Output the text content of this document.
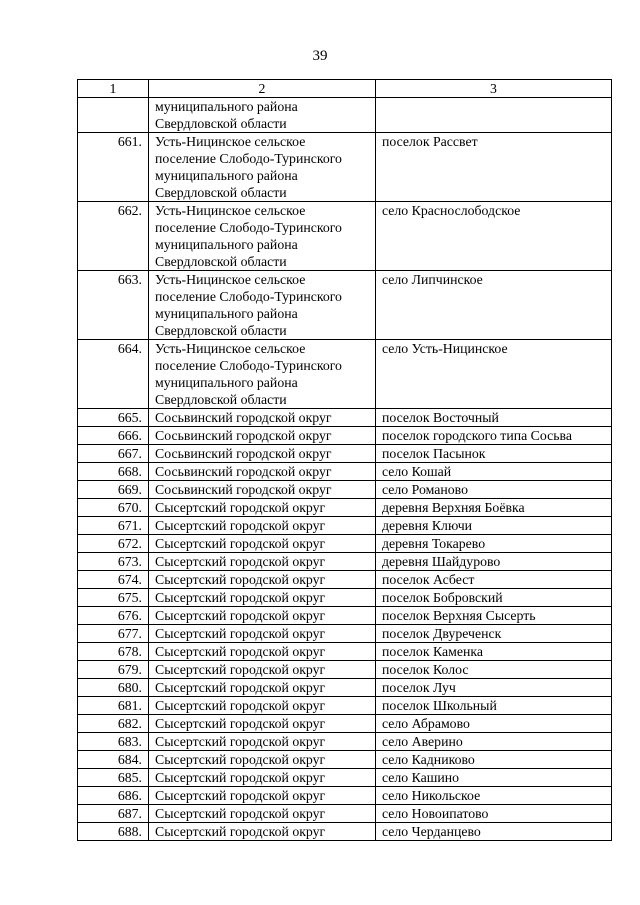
39
1	2	3
	муниципального района
Свердловской области	
661.	Усть-Ницинское сельское
поселение Слободо-Туринского
муниципального района
Свердловской области	поселок Рассвет
662.	Усть-Ницинское сельское
поселение Слободо-Туринского
муниципального района
Свердловской области	село Краснослободское
663.	Усть-Ницинское сельское
поселение Слободо-Туринского
муниципального района
Свердловской области	село Липчинское
664.	Усть-Ницинское сельское
поселение Слободо-Туринского
муниципального района
Свердловской области	село Усть-Ницинское
665.	Сосьвинский городской округ	поселок Восточный
666.	Сосьвинский городской округ	поселок городского типа Сосьва
667.	Сосьвинский городской округ	поселок Пасынок
668.	Сосьвинский городской округ	село Кошай
669.	Сосьвинский городской округ	село Романово
670.	Сысертский городской округ	деревня Верхняя Боёвка
671.	Сысертский городской округ	деревня Ключи
672.	Сысертский городской округ	деревня Токарево
673.	Сысертский городской округ	деревня Шайдурово
674.	Сысертский городской округ	поселок Асбест
675.	Сысертский городской округ	поселок Бобровский
676.	Сысертский городской округ	поселок Верхняя Сысерть
677.	Сысертский городской округ	поселок Двуреченск
678.	Сысертский городской округ	поселок Каменка
679.	Сысертский городской округ	поселок Колос
680.	Сысертский городской округ	поселок Луч
681.	Сысертский городской округ	поселок Школьный
682.	Сысертский городской округ	село Абрамово
683.	Сысертский городской округ	село Аверино
684.	Сысертский городской округ	село Кадниково
685.	Сысертский городской округ	село Кашино
686.	Сысертский городской округ	село Никольское
687.	Сысертский городской округ	село Новоипатово
688.	Сысертский городской округ	село Черданцево
